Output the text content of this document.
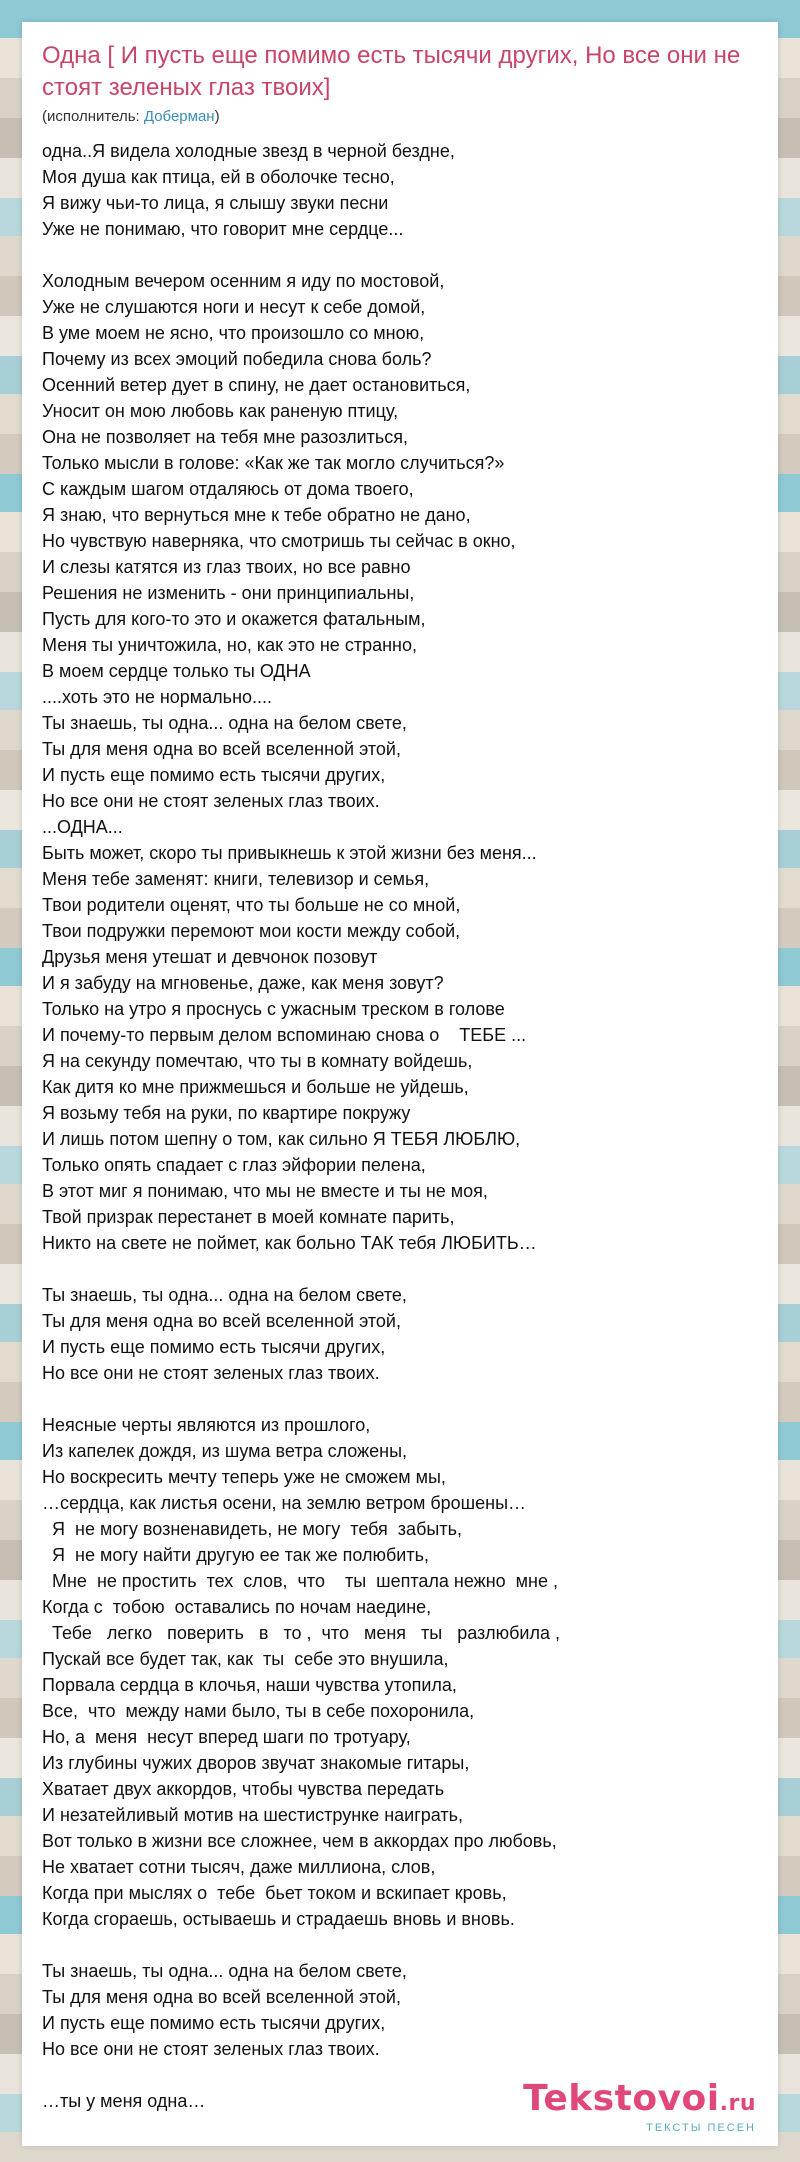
Одна [ И пусть еще помимо есть тысячи других, Но все они не стоят зеленых глаз твоих]
(исполнитель: Доберман)
одна..Я видела холодные звезд в черной бездне,
Моя душа как птица, ей в оболочке тесно,
Я вижу чьи-то лица, я слышу звуки песни
Уже не понимаю, что говорит мне сердце...
Холодным вечером осенним я иду по мостовой,
Уже не слушаются ноги и несут к себе домой,
В уме моем не ясно, что произошло со мною,
Почему из всех эмоций победила снова боль?
Осенний ветер дует в спину, не дает остановиться,
Уносит он мою любовь как раненую птицу,
Она не позволяет на тебя мне разозлиться,
Только мысли в голове: «Как же так могло случиться?»
С каждым шагом отдаляюсь от дома твоего,
Я знаю, что вернуться мне к тебе обратно не дано,
Но чувствую наверняка, что смотришь ты сейчас в окно,
И слезы катятся из глаз твоих, но все равно
Решения не изменить - они принципиальны,
Пусть для кого-то это и окажется фатальным,
Меня ты уничтожила, но, как это не странно,
В моем сердце только ты ОДНА
....хоть это не нормально....
Ты знаешь, ты одна... одна на белом свете,
Ты для меня одна во всей вселенной этой,
И пусть еще помимо есть тысячи других,
Но все они не стоят зеленых глаз твоих.
...ОДНА...
Быть может, скоро ты привыкнешь к этой жизни без меня...
Меня тебе заменят: книги, телевизор и семья,
Твои родители оценят, что ты больше не со мной,
Твои подружки перемоют мои кости между собой,
Друзья меня утешат и девчонок позовут
И я забуду на мгновенье, даже, как меня зовут?
Только на утро я проснусь с ужасным треском в голове
И почему-то первым делом вспоминаю снова о    ТЕБЕ ...
Я на секунду помечтаю, что ты в комнату войдешь,
Как дитя ко мне прижмешься и больше не уйдешь,
Я возьму тебя на руки, по квартире покружу
И лишь потом шепну о том, как сильно Я ТЕБЯ ЛЮБЛЮ,
Только опять спадает с глаз эйфории пелена,
В этот миг я понимаю, что мы не вместе и ты не моя,
Твой призрак перестанет в моей комнате парить,
Никто на свете не поймет, как больно ТАК тебя ЛЮБИТЬ…
Ты знаешь, ты одна... одна на белом свете,
Ты для меня одна во всей вселенной этой,
И пусть еще помимо есть тысячи других,
Но все они не стоят зеленых глаз твоих.
Неясные черты являются из прошлого,
Из капелек дождя, из шума ветра сложены,
Но воскресить мечту теперь уже не сможем мы,
…сердца, как листья осени, на землю ветром брошены…
Я  не могу возненавидеть, не могу  тебя  забыть,
Я  не могу найти другую ее так же полюбить,
Мне  не простить  тех  слов,  что    ты  шептала нежно  мне ,
Когда с  тобою  оставались по ночам наедине,
Тебе   легко   поверить   в   то ,  что   меня   ты   разлюбила ,
Пускай все будет так, как  ты  себе это внушила,
Порвала сердца в клочья, наши чувства утопила,
Все,  что  между нами было, ты в себе похоронила,
Но, а  меня  несут вперед шаги по тротуару,
Из глубины чужих дворов звучат знакомые гитары,
Хватает двух аккордов, чтобы чувства передать
И незатейливый мотив на шестиструнке наиграть,
Вот только в жизни все сложнее, чем в аккордах про любовь,
Не хватает сотни тысяч, даже миллиона, слов,
Когда при мыслях о  тебе  бьет током и вскипает кровь,
Когда сгораешь, остываешь и страдаешь вновь и вновь.
Ты знаешь, ты одна... одна на белом свете,
Ты для меня одна во всей вселенной этой,
И пусть еще помимо есть тысячи других,
Но все они не стоят зеленых глаз твоих.
…ты у меня одна…	Tekstovoi.ru
ТЕКСТЫ ПЕСЕН
